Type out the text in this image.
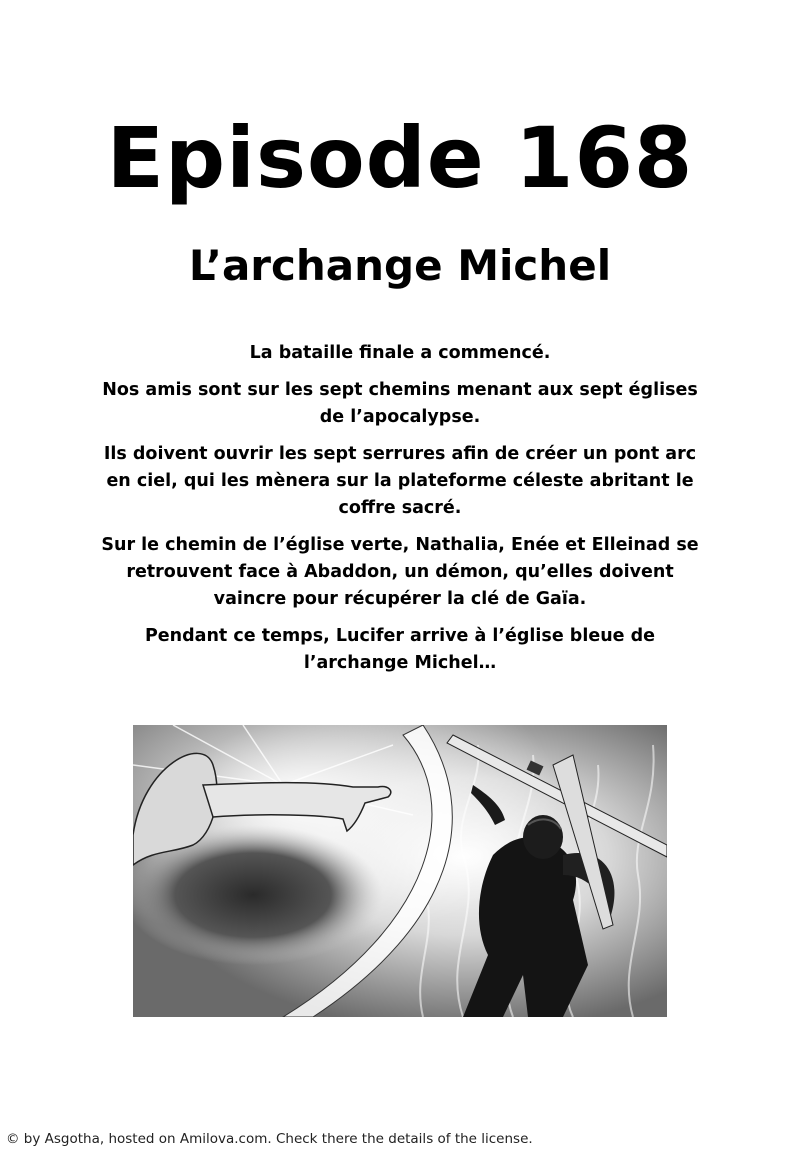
Episode 168
L’archange Michel

La bataille finale a commencé.

Nos amis sont sur les sept chemins menant aux sept églises de l’apocalypse.

Ils doivent ouvrir les sept serrures afin de créer un pont arc en ciel, qui les mènera sur la plateforme céleste abritant le coffre sacré.

Sur le chemin de l’église verte, Nathalia, Enée et Elleinad se retrouvent face à Abaddon, un démon, qu’elles doivent vaincre pour récupérer la clé de Gaïa.

Pendant ce temps, Lucifer arrive à l’église bleue de l’archange Michel…

© by Asgotha, hosted on Amilova.com. Check there the details of the license.
